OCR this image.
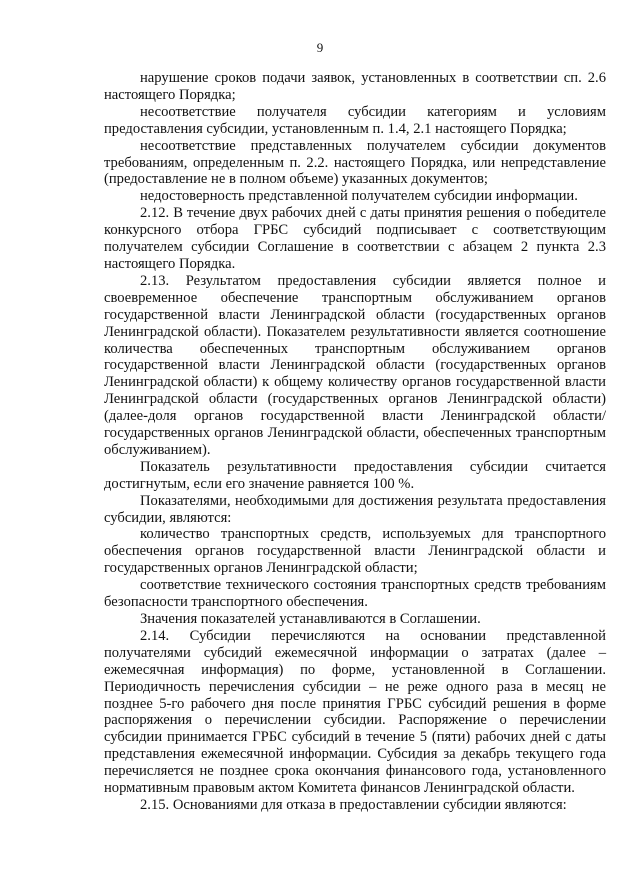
9

нарушение сроков подачи заявок, установленных в соответствии сп. 2.6 настоящего Порядка;

несоответствие получателя субсидии категориям и условиям предоставления субсидии, установленным п. 1.4, 2.1 настоящего Порядка;

несоответствие представленных получателем субсидии документов требованиям, определенным п. 2.2. настоящего Порядка, или непредставление (предоставление не в полном объеме) указанных документов;

недостоверность представленной получателем субсидии информации.

2.12. В течение двух рабочих дней с даты принятия решения о победителе конкурсного отбора ГРБС субсидий подписывает с соответствующим получателем субсидии Соглашение в соответствии с абзацем 2 пункта 2.3 настоящего Порядка.

2.13. Результатом предоставления субсидии является полное и своевременное обеспечение транспортным обслуживанием органов государственной власти Ленинградской области (государственных органов Ленинградской области). Показателем результативности является соотношение количества обеспеченных транспортным обслуживанием органов государственной власти Ленинградской области (государственных органов Ленинградской области) к общему количеству органов государственной власти Ленинградской области (государственных органов Ленинградской области) (далее-доля органов государственной власти Ленинградской области/ государственных органов Ленинградской области, обеспеченных транспортным обслуживанием).

Показатель результативности предоставления субсидии считается достигнутым, если его значение равняется 100 %.

Показателями, необходимыми для достижения результата предоставления субсидии, являются:

количество транспортных средств, используемых для транспортного обеспечения органов государственной власти Ленинградской области и государственных органов Ленинградской области;

соответствие технического состояния транспортных средств требованиям безопасности транспортного обеспечения.

Значения показателей устанавливаются в Соглашении.

2.14. Субсидии перечисляются на основании представленной получателями субсидий ежемесячной информации о затратах (далее – ежемесячная информация) по форме, установленной в Соглашении. Периодичность перечисления субсидии – не реже одного раза в месяц не позднее 5-го рабочего дня после принятия ГРБС субсидий решения в форме распоряжения о перечислении субсидии. Распоряжение о перечислении субсидии принимается ГРБС субсидий в течение 5 (пяти) рабочих дней с даты представления ежемесячной информации. Субсидия за декабрь текущего года перечисляется не позднее срока окончания финансового года, установленного нормативным правовым актом Комитета финансов Ленинградской области.

2.15. Основаниями для отказа в предоставлении субсидии являются:
